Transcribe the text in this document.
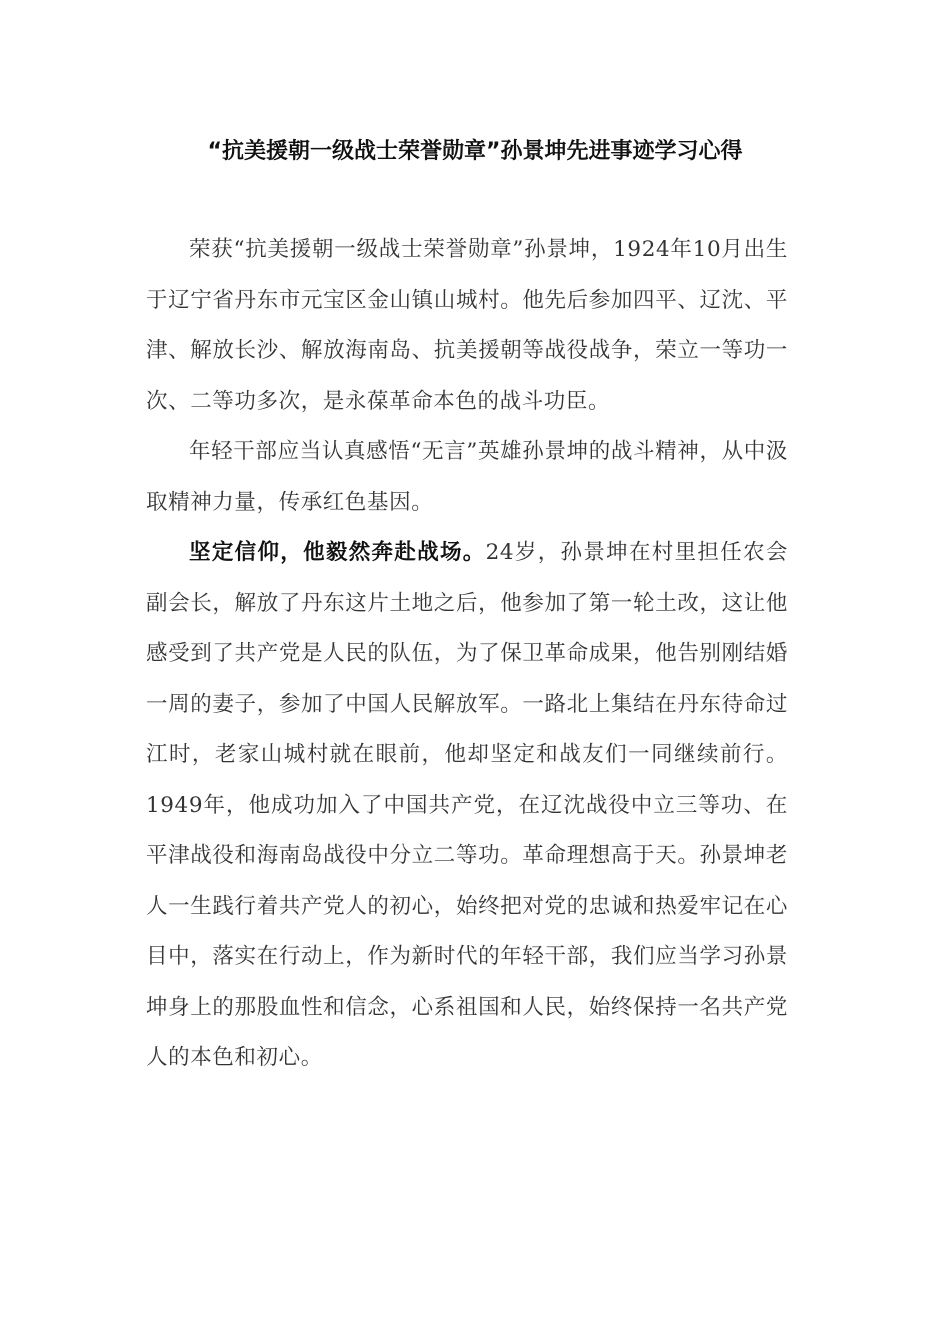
“抗美援朝一级战士荣誉勋章”孙景坤先进事迹学习心得

荣获“抗美援朝一级战士荣誉勋章”孙景坤，1924年10月出生于辽宁省丹东市元宝区金山镇山城村。他先后参加四平、辽沈、平津、解放长沙、解放海南岛、抗美援朝等战役战争，荣立一等功一次、二等功多次，是永葆革命本色的战斗功臣。

年轻干部应当认真感悟“无言”英雄孙景坤的战斗精神，从中汲取精神力量，传承红色基因。

坚定信仰，他毅然奔赴战场。24岁，孙景坤在村里担任农会副会长，解放了丹东这片土地之后，他参加了第一轮土改，这让他感受到了共产党是人民的队伍，为了保卫革命成果，他告别刚结婚一周的妻子，参加了中国人民解放军。一路北上集结在丹东待命过江时，老家山城村就在眼前，他却坚定和战友们一同继续前行。1949年，他成功加入了中国共产党，在辽沈战役中立三等功、在平津战役和海南岛战役中分立二等功。革命理想高于天。孙景坤老人一生践行着共产党人的初心，始终把对党的忠诚和热爱牢记在心目中，落实在行动上，作为新时代的年轻干部，我们应当学习孙景坤身上的那股血性和信念，心系祖国和人民，始终保持一名共产党人的本色和初心。
